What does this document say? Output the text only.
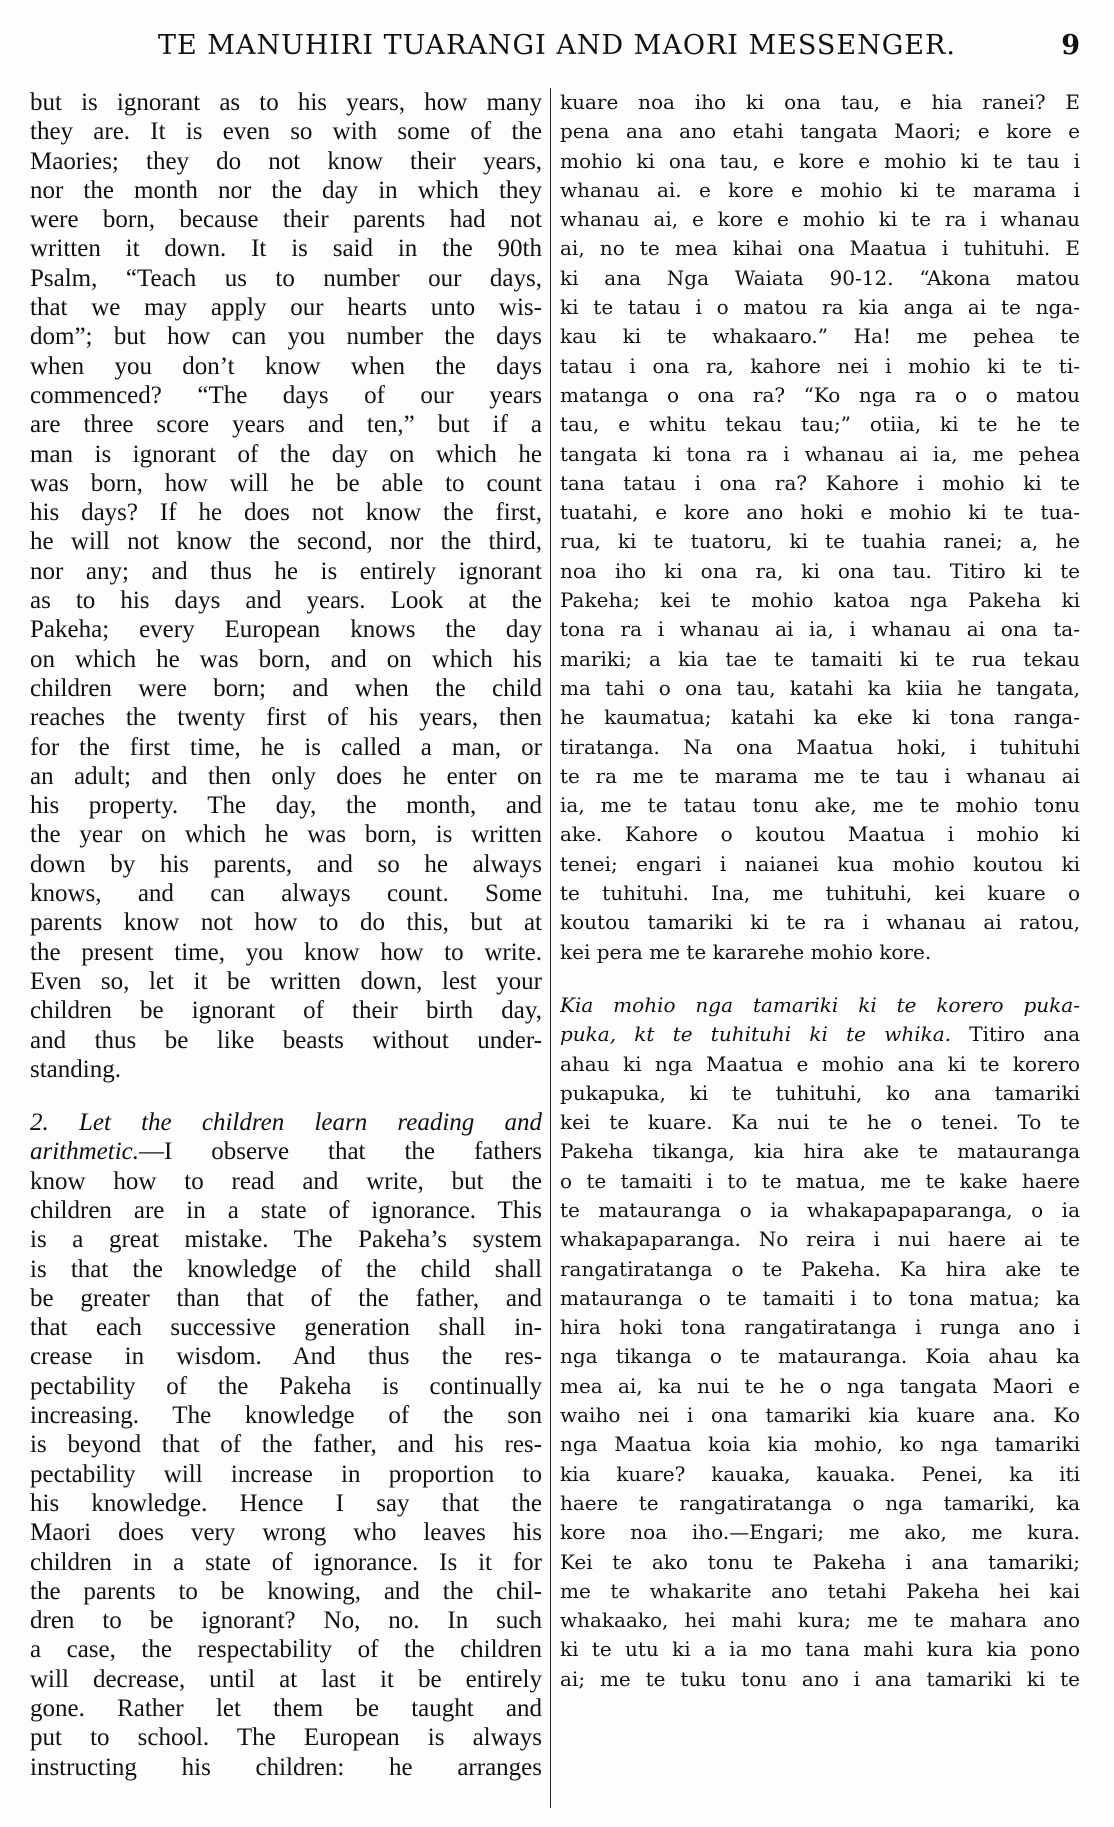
TE MANUHIRI TUARANGI AND MAORI MESSENGER.	9
but is ignorant as to his years, how many
they are. It is even so with some of the
Maories; they do not know their years,
nor the month nor the day in which they
were born, because their parents had not
written it down. It is said in the 90th
Psalm, “Teach us to number our days,
that we may apply our hearts unto wis-
dom”; but how can you number the days
when you don’t know when the days
commenced? “The days of our years
are three score years and ten,” but if a
man is ignorant of the day on which he
was born, how will he be able to count
his days? If he does not know the first,
he will not know the second, nor the third,
nor any; and thus he is entirely ignorant
as to his days and years. Look at the
Pakeha; every European knows the day
on which he was born, and on which his
children were born; and when the child
reaches the twenty first of his years, then
for the first time, he is called a man, or
an adult; and then only does he enter on
his property. The day, the month, and
the year on which he was born, is written
down by his parents, and so he always
knows, and can always count. Some
parents know not how to do this, but at
the present time, you know how to write.
Even so, let it be written down, lest your
children be ignorant of their birth day,
and thus be like beasts without under-
standing.
2. Let the children learn reading and
arithmetic.—I observe that the fathers
know how to read and write, but the
children are in a state of ignorance. This
is a great mistake. The Pakeha’s system
is that the knowledge of the child shall
be greater than that of the father, and
that each successive generation shall in-
crease in wisdom. And thus the res-
pectability of the Pakeha is continually
increasing. The knowledge of the son
is beyond that of the father, and his res-
pectability will increase in proportion to
his knowledge. Hence I say that the
Maori does very wrong who leaves his
children in a state of ignorance. Is it for
the parents to be knowing, and the chil-
dren to be ignorant? No, no. In such
a case, the respectability of the children
will decrease, until at last it be entirely
gone. Rather let them be taught and
put to school. The European is always
instructing his children: he arranges
kuare noa iho ki ona tau, e hia ranei? E
pena ana ano etahi tangata Maori; e kore e
mohio ki ona tau, e kore e mohio ki te tau i
whanau ai. e kore e mohio ki te marama i
whanau ai, e kore e mohio ki te ra i whanau
ai, no te mea kihai ona Maatua i tuhituhi. E
ki ana Nga Waiata 90-12. “Akona matou
ki te tatau i o matou ra kia anga ai te nga-
kau ki te whakaaro.” Ha! me pehea te
tatau i ona ra, kahore nei i mohio ki te ti-
matanga o ona ra? “Ko nga ra o o matou
tau, e whitu tekau tau;” otiia, ki te he te
tangata ki tona ra i whanau ai ia, me pehea
tana tatau i ona ra? Kahore i mohio ki te
tuatahi, e kore ano hoki e mohio ki te tua-
rua, ki te tuatoru, ki te tuahia ranei; a, he
noa iho ki ona ra, ki ona tau. Titiro ki te
Pakeha; kei te mohio katoa nga Pakeha ki
tona ra i whanau ai ia, i whanau ai ona ta-
mariki; a kia tae te tamaiti ki te rua tekau
ma tahi o ona tau, katahi ka kiia he tangata,
he kaumatua; katahi ka eke ki tona ranga-
tiratanga. Na ona Maatua hoki, i tuhituhi
te ra me te marama me te tau i whanau ai
ia, me te tatau tonu ake, me te mohio tonu
ake. Kahore o koutou Maatua i mohio ki
tenei; engari i naianei kua mohio koutou ki
te tuhituhi. Ina, me tuhituhi, kei kuare o
koutou tamariki ki te ra i whanau ai ratou,
kei pera me te kararehe mohio kore.
Kia mohio nga tamariki ki te korero puka-
puka, kt te tuhituhi ki te whika. Titiro ana
ahau ki nga Maatua e mohio ana ki te korero
pukapuka, ki te tuhituhi, ko ana tamariki
kei te kuare. Ka nui te he o tenei. To te
Pakeha tikanga, kia hira ake te matauranga
o te tamaiti i to te matua, me te kake haere
te matauranga o ia whakapapaparanga, o ia
whakapaparanga. No reira i nui haere ai te
rangatiratanga o te Pakeha. Ka hira ake te
matauranga o te tamaiti i to tona matua; ka
hira hoki tona rangatiratanga i runga ano i
nga tikanga o te matauranga. Koia ahau ka
mea ai, ka nui te he o nga tangata Maori e
waiho nei i ona tamariki kia kuare ana. Ko
nga Maatua koia kia mohio, ko nga tamariki
kia kuare? kauaka, kauaka. Penei, ka iti
haere te rangatiratanga o nga tamariki, ka
kore noa iho.—Engari; me ako, me kura.
Kei te ako tonu te Pakeha i ana tamariki;
me te whakarite ano tetahi Pakeha hei kai
whakaako, hei mahi kura; me te mahara ano
ki te utu ki a ia mo tana mahi kura kia pono
ai; me te tuku tonu ano i ana tamariki ki te
